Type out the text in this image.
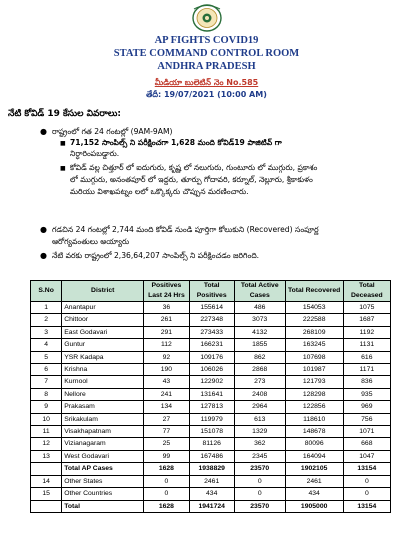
AP FIGHTS COVID19
STATE COMMAND CONTROL ROOM
ANDHRA PRADESH
మీడియా బులెటిన్ నెం No.585
తేదీ: 19/07/2021 (10:00 AM)
నేటి కోవిడ్ 19 కేసుల వివరాలు:
● రాష్ట్రంలో గత 24 గంటల్లో (9AM-9AM)
■ 71,152 సాంపిల్స్ ని పరీక్షించగా 1,628 మంది కోవిడ్19 పాజిటివ్ గా
నిర్ధారింపబడ్డారు.
■ కోవిడ్ వల్ల చిత్తూర్ లో ఐదుగురు, కృష్ణ లో నలుగురు, గుంటూరు లో ముగ్గురు, ప్రకాశం
లో ముగ్గురు, అనంతపూర్ లో ఇద్దరు, తూర్పు గోదావరి, కర్నూల్, నెల్లూరు, శ్రీకాకుళం
మరియు విశాఖపట్నం లలో ఒక్కొక్కరు చొప్పున మరణించారు.
● గడచిన 24 గంటల్లో 2,744 మంది కోవిడ్ నుండి పూర్తిగా కోలుకుని (Recovered) సంపూర్ణ
ఆరోగ్యవంతులు అయ్యారు
● నేటి వరకు రాష్ట్రంలో 2,36,64,207 సాంపిల్స్ ని పరీక్షించడం జరిగింది.
S.No	District	Positives Last 24 Hrs	Total Positives	Total Active Cases	Total Recovered	Total Deceased
1	Anantapur	36	155614	486	154053	1075
2	Chittoor	261	227348	3073	222588	1687
3	East Godavari	291	273433	4132	268109	1192
4	Guntur	112	166231	1855	163245	1131
5	YSR Kadapa	92	109176	862	107698	616
6	Krishna	190	106026	2868	101987	1171
7	Kurnool	43	122902	273	121793	836
8	Nellore	241	131641	2408	128298	935
9	Prakasam	134	127813	2964	122856	969
10	Srikakulam	27	119979	613	118610	756
11	Visakhapatnam	77	151078	1329	148678	1071
12	Vizianagaram	25	81126	362	80096	668
13	West Godavari	99	167486	2345	164094	1047
	Total AP Cases	1628	1938829	23570	1902105	13154
14	Other States	0	2461	0	2461	0
15	Other Countries	0	434	0	434	0
	Total	1628	1941724	23570	1905000	13154
